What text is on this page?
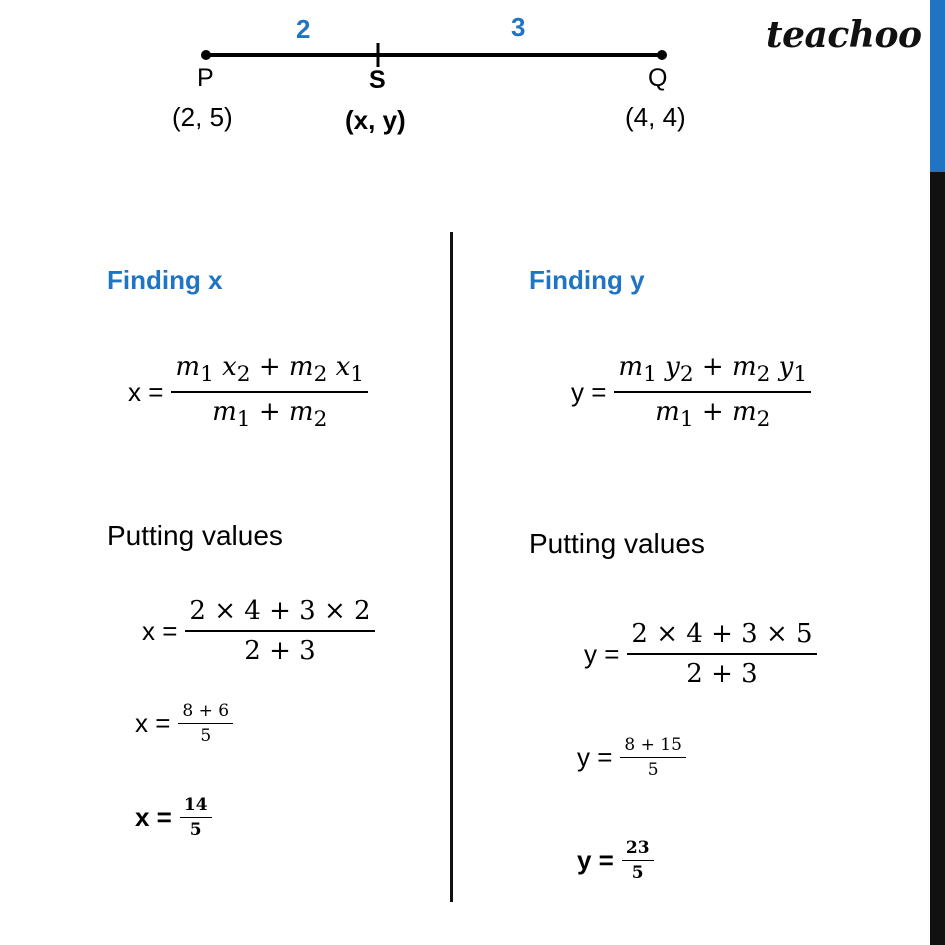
teachoo
2	3
P
(2, 5)
S
(x, y)
Q
(4, 4)
Finding x
$x = \frac{m_1 x_2 + m_2 x_1}{m_1 + m_2}$
Putting values
$x = \frac{2 \times 4 + 3 \times 2}{2 + 3}$
$x = \frac{8 + 6}{5}$
$x = \frac{14}{5}$
Finding y
$y = \frac{m_1 y_2 + m_2 y_1}{m_1 + m_2}$
Putting values
$y = \frac{2 \times 4 + 3 \times 5}{2 + 3}$
$y = \frac{8 + 15}{5}$
$y = \frac{23}{5}$
